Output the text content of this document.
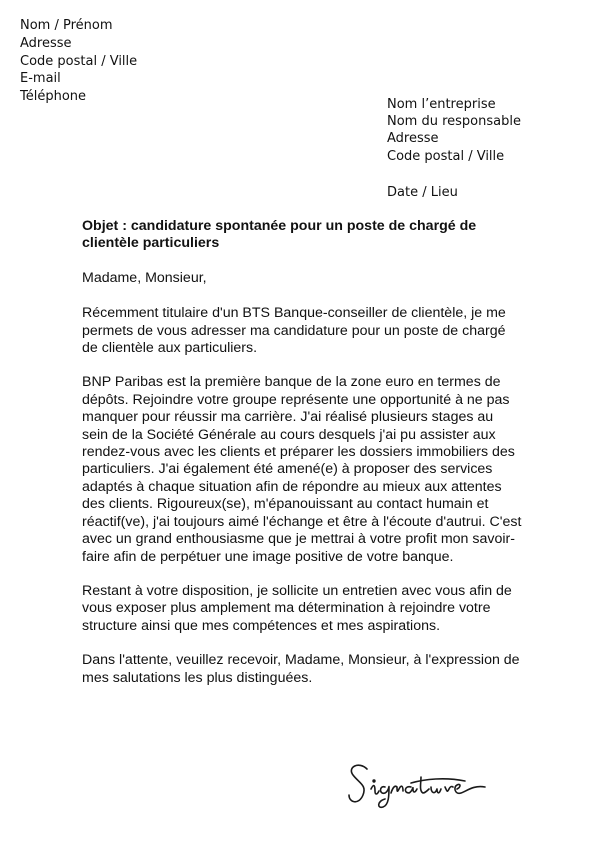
Nom / Prénom
Adresse
Code postal / Ville
E-mail
Téléphone
Nom l’entreprise
Nom du responsable
Adresse
Code postal / Ville
Date / Lieu

Objet : candidature spontanée pour un poste de chargé de clientèle particuliers

Madame, Monsieur,

Récemment titulaire d'un BTS Banque-conseiller de clientèle, je me permets de vous adresser ma candidature pour un poste de chargé de clientèle aux particuliers.

BNP Paribas est la première banque de la zone euro en termes de dépôts. Rejoindre votre groupe représente une opportunité à ne pas manquer pour réussir ma carrière. J'ai réalisé plusieurs stages au sein de la Société Générale au cours desquels j'ai pu assister aux rendez-vous avec les clients et préparer les dossiers immobiliers des particuliers. J'ai également été amené(e) à proposer des services adaptés à chaque situation afin de répondre au mieux aux attentes des clients. Rigoureux(se), m'épanouissant au contact humain et réactif(ve), j'ai toujours aimé l'échange et être à l'écoute d'autrui. C'est avec un grand enthousiasme que je mettrai à votre profit mon savoir-faire afin de perpétuer une image positive de votre banque.

Restant à votre disposition, je sollicite un entretien avec vous afin de vous exposer plus amplement ma détermination à rejoindre votre structure ainsi que mes compétences et mes aspirations.

Dans l'attente, veuillez recevoir, Madame, Monsieur, à l'expression de mes salutations les plus distinguées.
